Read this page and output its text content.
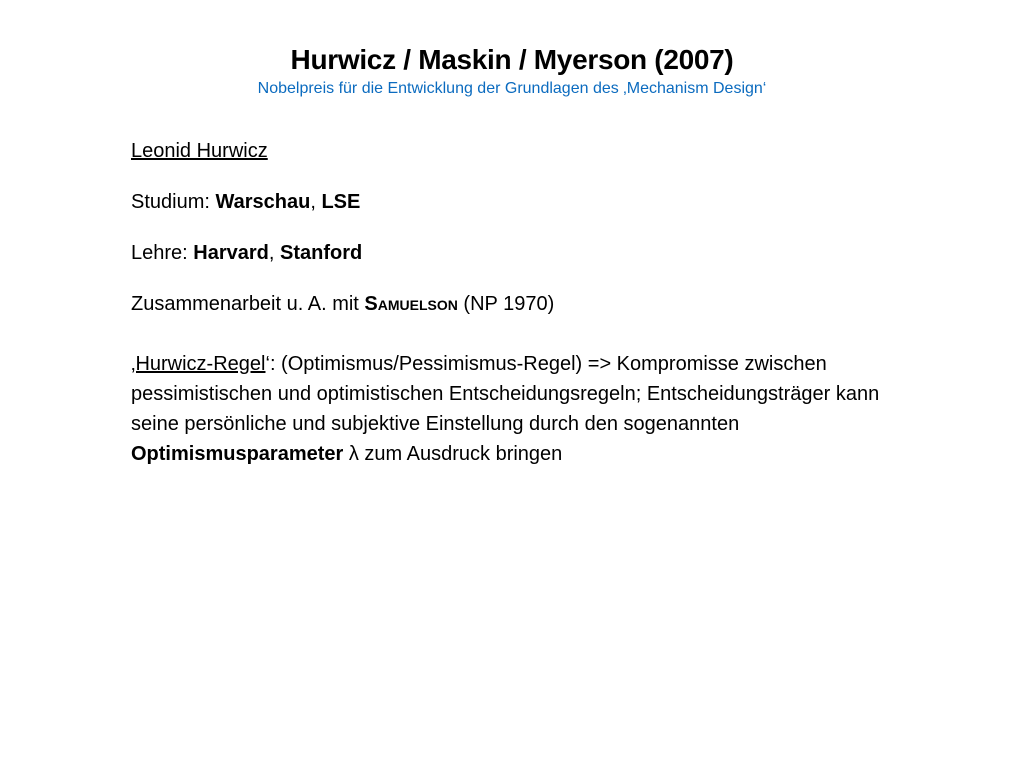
Hurwicz / Maskin / Myerson (2007)
Nobelpreis für die Entwicklung der Grundlagen des ‚Mechanism Design‘
Leonid Hurwicz
Studium: Warschau, LSE
Lehre: Harvard, Stanford
Zusammenarbeit u. A. mit Samuelson (NP 1970)
‚Hurwicz-Regel‘: (Optimismus/Pessimismus-Regel) => Kompromisse zwischen pessimistischen und optimistischen Entscheidungsregeln; Entscheidungsträger kann seine persönliche und subjektive Einstellung durch den sogenannten Optimismusparameter λ zum Ausdruck bringen
